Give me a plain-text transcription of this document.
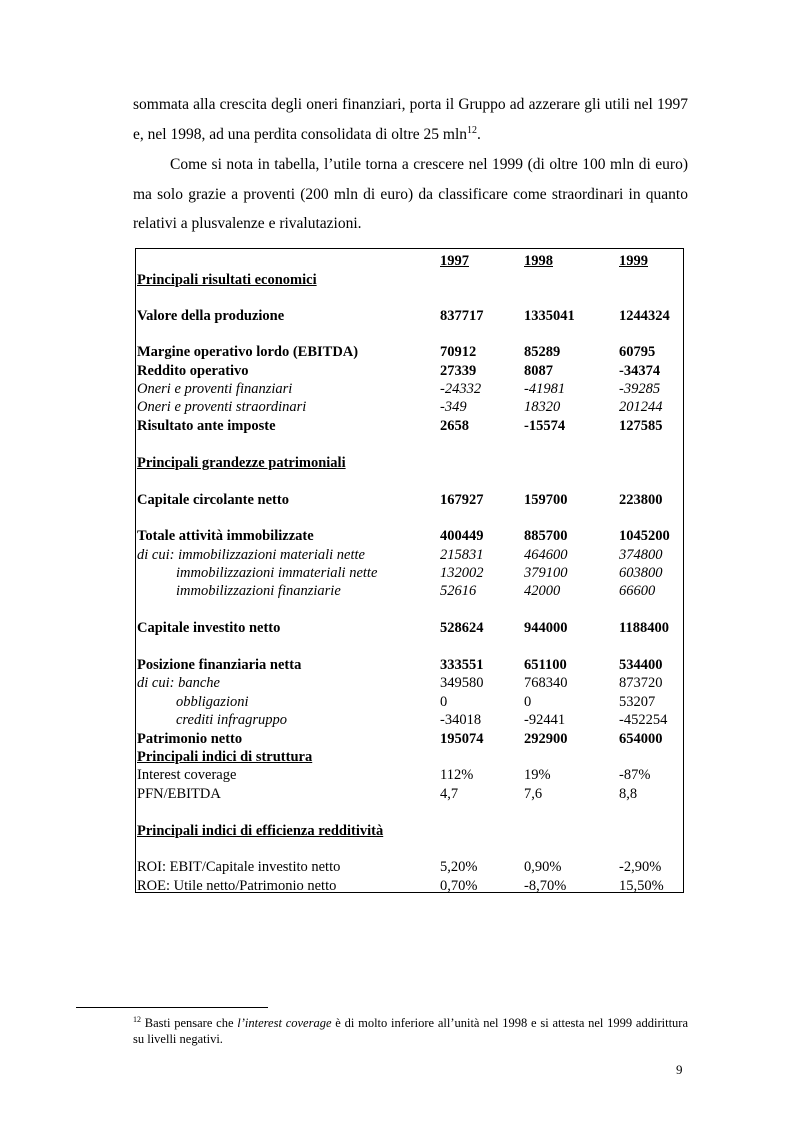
sommata alla crescita degli oneri finanziari, porta il Gruppo ad azzerare gli utili nel 1997 e, nel 1998, ad una perdita consolidata di oltre 25 mln$^{12}$.

Come si nota in tabella, l’utile torna a crescere nel 1999 (di oltre 100 mln di euro) ma solo grazie a proventi (200 mln di euro) da classificare come straordinari in quanto relativi a plusvalenze e rivalutazioni.

1997	1998	1999
Principali risultati economici
Valore della produzione	837717	1335041	1244324
Margine operativo lordo (EBITDA)	70912	85289	60795
Reddito operativo	27339	8087	-34374
Oneri e proventi finanziari	-24332	-41981	-39285
Oneri e proventi straordinari	-349	18320	201244
Risultato ante imposte	2658	-15574	127585
Principali grandezze patrimoniali
Capitale circolante netto	167927	159700	223800
Totale attività immobilizzate	400449	885700	1045200
di cui: immobilizzazioni materiali nette	215831	464600	374800
immobilizzazioni immateriali nette	132002	379100	603800
immobilizzazioni finanziarie	52616	42000	66600
Capitale investito netto	528624	944000	1188400
Posizione finanziaria netta	333551	651100	534400
di cui: banche	349580	768340	873720
obbligazioni	0	0	53207
crediti infragruppo	-34018	-92441	-452254
Patrimonio netto	195074	292900	654000
Principali indici di struttura
Interest coverage	112%	19%	-87%
PFN/EBITDA	4,7	7,6	8,8
Principali indici di efficienza redditività
ROI: EBIT/Capitale investito netto	5,20%	0,90%	-2,90%
ROE: Utile netto/Patrimonio netto	0,70%	-8,70%	15,50%

$^{12}$ Basti pensare che l’interest coverage è di molto inferiore all’unità nel 1998 e si attesta nel 1999 addirittura su livelli negativi.

9
